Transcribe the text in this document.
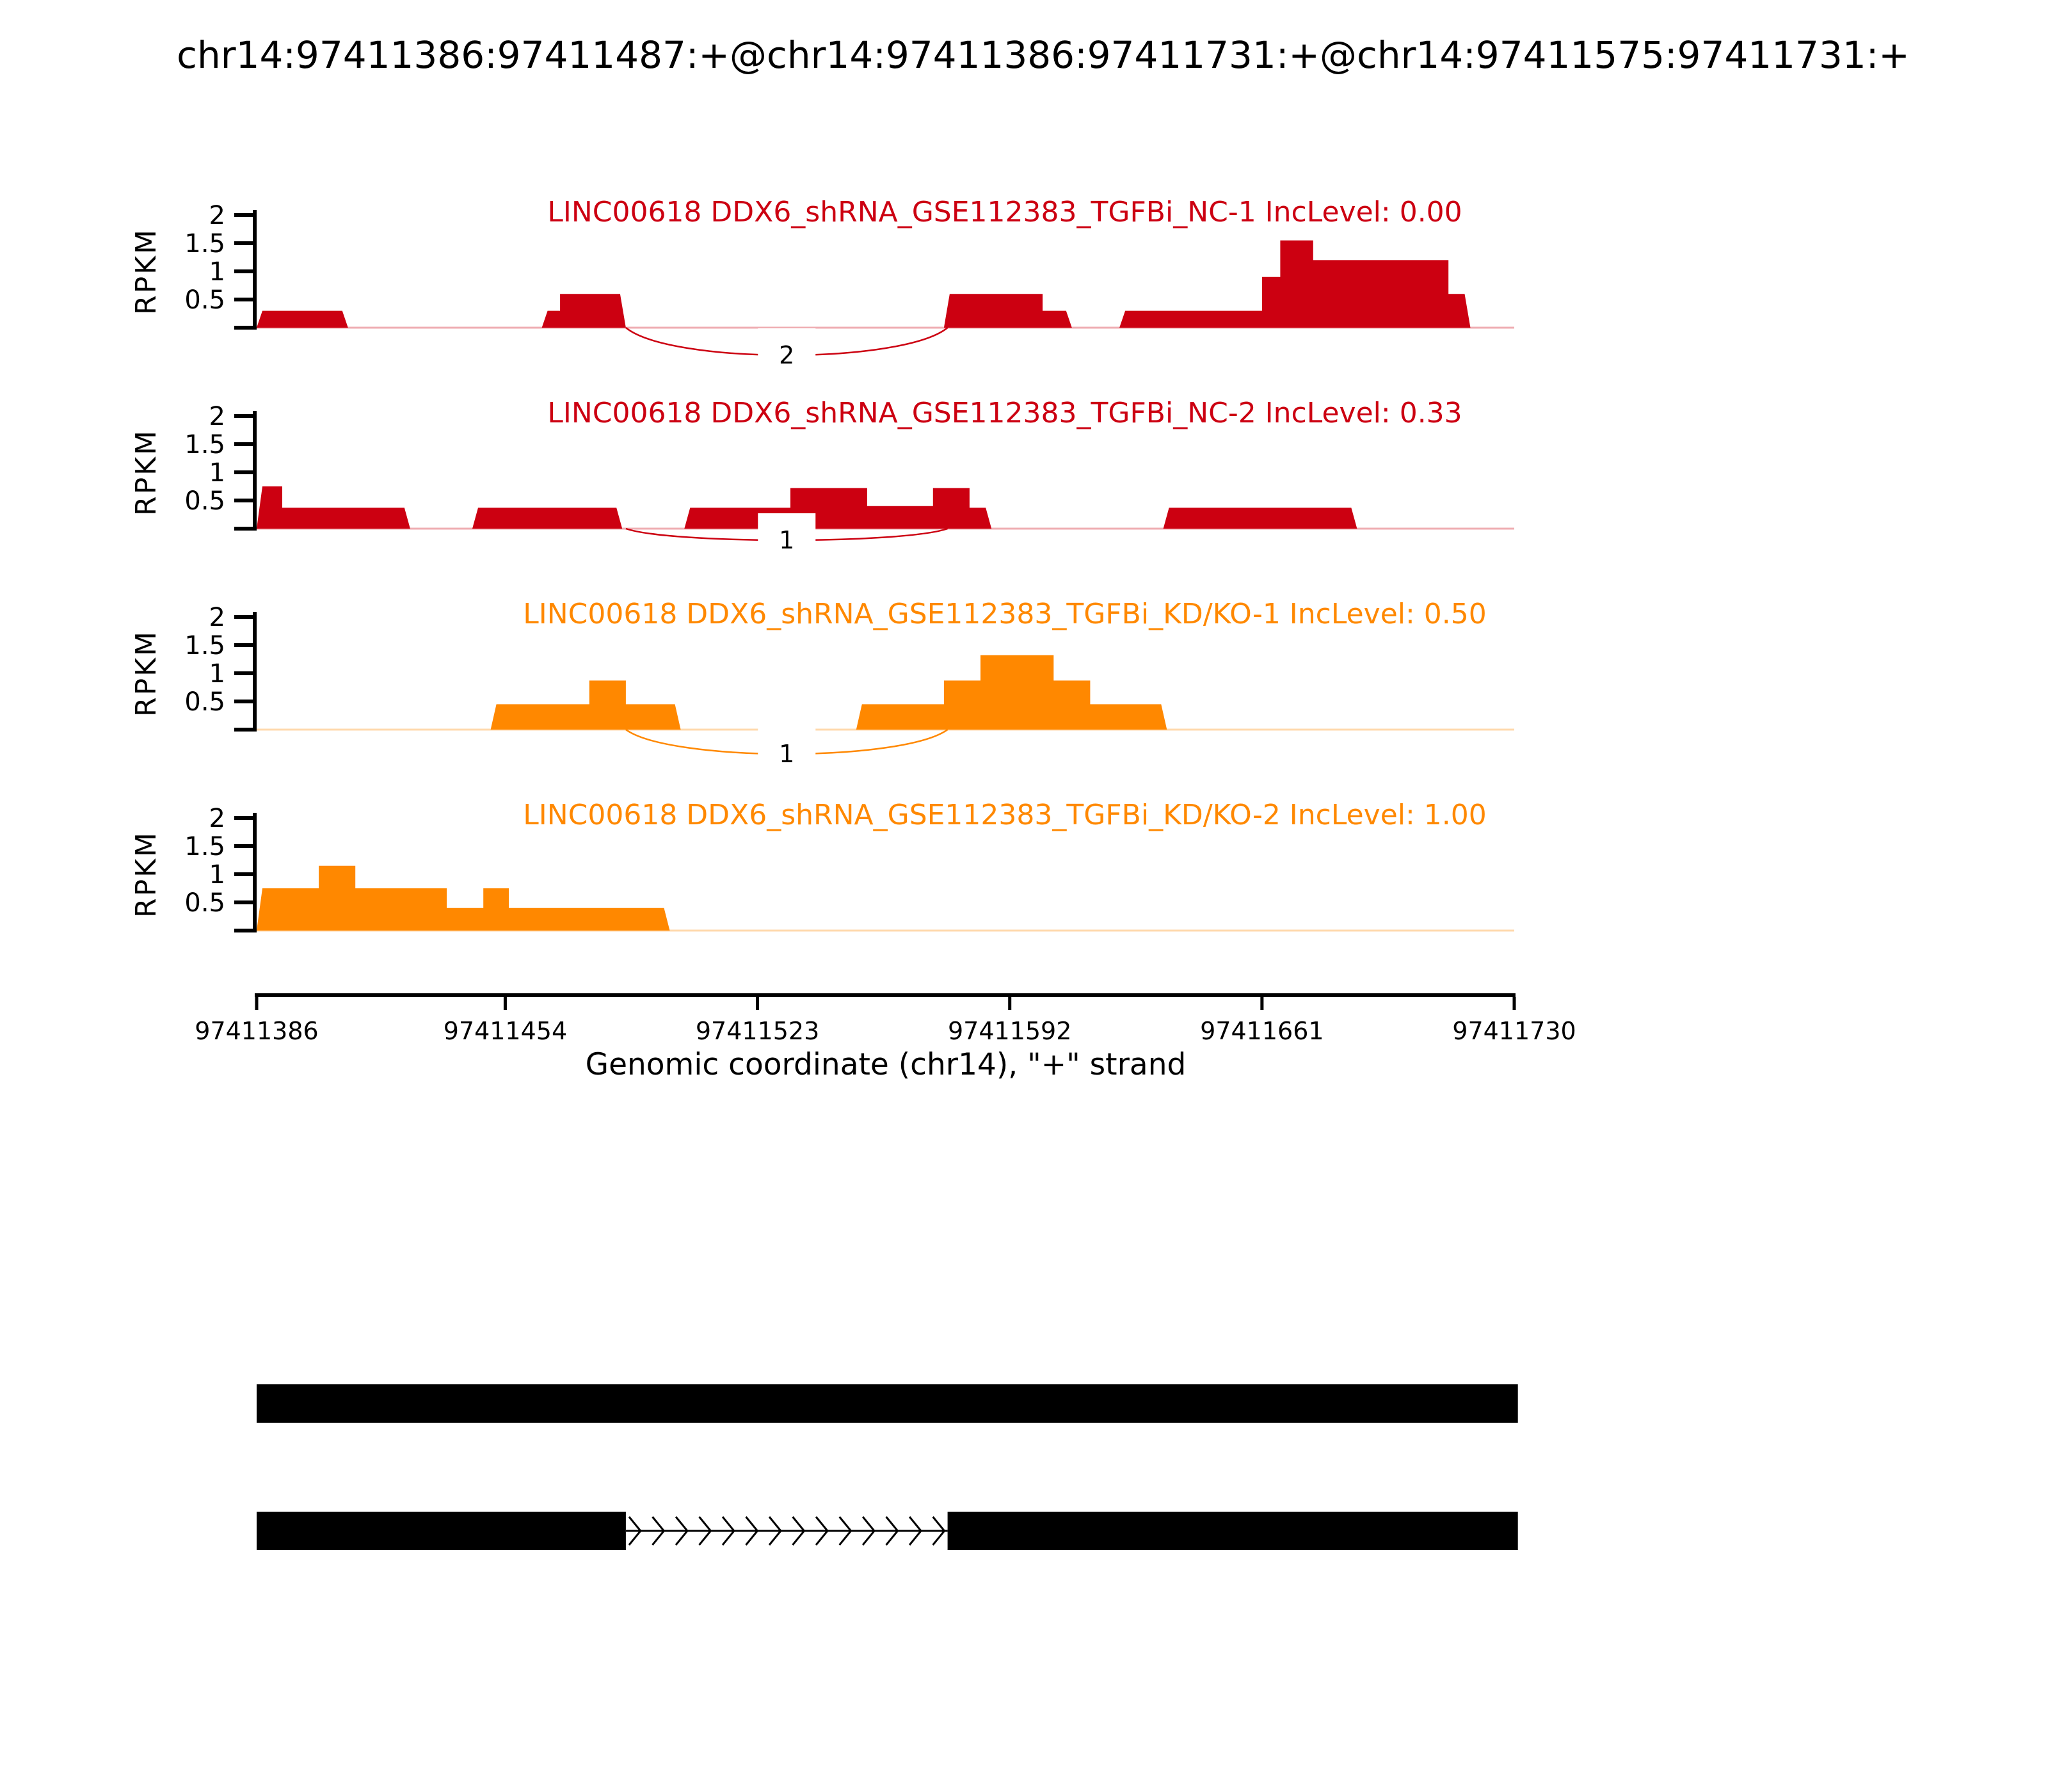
2
0.5
1
1.5
2
RPKM
LINC00618 DDX6_shRNA_GSE112383_TGFBi_NC-1 IncLevel: 0.00
1
0.5
1
1.5
2
RPKM
LINC00618 DDX6_shRNA_GSE112383_TGFBi_NC-2 IncLevel: 0.33
1
0.5
1
1.5
2
RPKM
LINC00618 DDX6_shRNA_GSE112383_TGFBi_KD/KO-1 IncLevel: 0.50
0.5
1
1.5
2
RPKM
LINC00618 DDX6_shRNA_GSE112383_TGFBi_KD/KO-2 IncLevel: 1.00
97411386	97411454	97411523	97411592	97411661	97411730
chr14:97411386:97411487:+@chr14:97411386:97411731:+@chr14:97411575:97411731:+
Genomic coordinate (chr14), "+" strand
